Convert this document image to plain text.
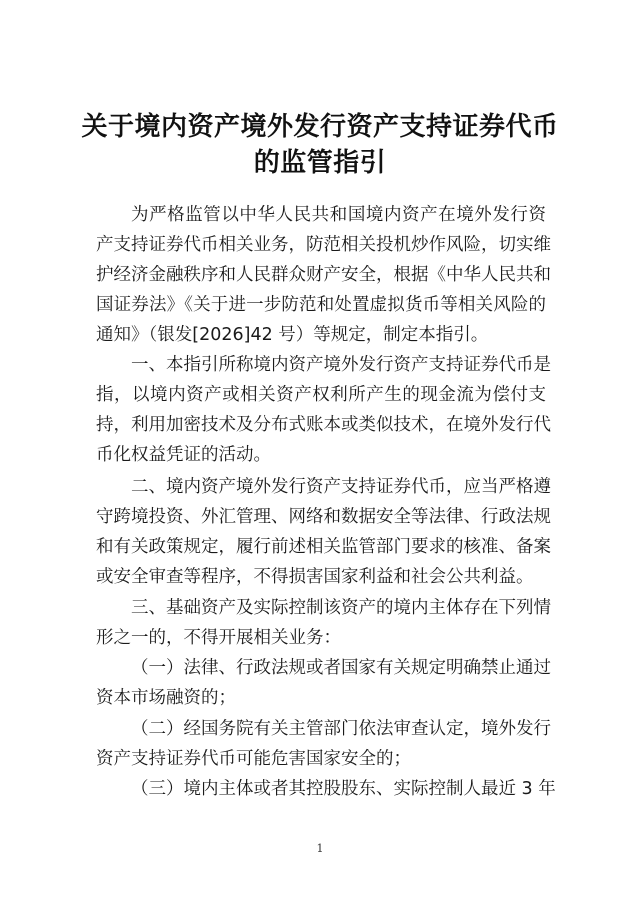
关于境内资产境外发行资产支持证券代币
的监管指引
为严格监管以中华人民共和国境内资产在境外发行资
产支持证券代币相关业务，防范相关投机炒作风险，切实维
护经济金融秩序和人民群众财产安全，根据《中华人民共和
国证券法》《关于进一步防范和处置虚拟货币等相关风险的
通知》（银发[2026]42 号）等规定，制定本指引。
一、本指引所称境内资产境外发行资产支持证券代币是
指，以境内资产或相关资产权利所产生的现金流为偿付支
持，利用加密技术及分布式账本或类似技术，在境外发行代
币化权益凭证的活动。
二、境内资产境外发行资产支持证券代币，应当严格遵
守跨境投资、外汇管理、网络和数据安全等法律、行政法规
和有关政策规定，履行前述相关监管部门要求的核准、备案
或安全审查等程序，不得损害国家利益和社会公共利益。
三、基础资产及实际控制该资产的境内主体存在下列情
形之一的，不得开展相关业务：
（一）法律、行政法规或者国家有关规定明确禁止通过
资本市场融资的；
（二）经国务院有关主管部门依法审查认定，境外发行
资产支持证券代币可能危害国家安全的；
（三）境内主体或者其控股股东、实际控制人最近 3 年
1
